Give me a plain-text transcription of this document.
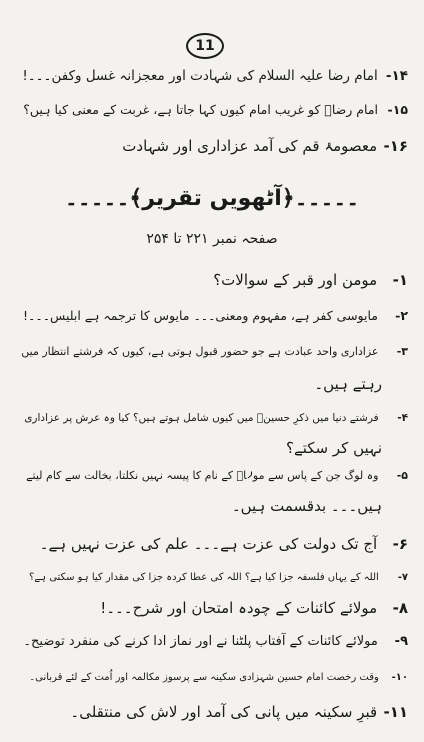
11
۱۴- امام رضا علیہ السلام کی شہادت اور معجزانہ غسل وکفن۔۔۔!
۱۵- امام رضاؑ کو غریب امام کیوں کہا جاتا ہے، غربت کے معنی کیا ہیں؟
۱۶- معصومۂ قم کی آمد عزاداری اور شہادت
۔۔۔۔۔﴿آٹھویں تقریر﴾۔۔۔۔۔
صفحہ نمبر ۲۲۱ تا ۲۵۴
۱- مومن اور قبر کے سوالات؟
۲- مایوسی کفر ہے، مفہوم ومعنی۔۔۔ مایوس کا ترجمہ ہے ابلیس۔۔۔!
۳- عزاداری واحد عبادت ہے جو حضور قبول ہوتی ہے، کیوں کہ فرشتے انتظار میں
رہتے ہیں۔
۴- فرشتے دنیا میں ذکرِ حسینؑ میں کیوں شامل ہوتے ہیں؟ کیا وہ عرش پر عزاداری
نہیں کر سکتے؟
۵- وہ لوگ جن کے پاس سے مولاؑ کے نام کا پیسہ نہیں نکلتا، بخالت سے کام لیتے
ہیں۔۔۔ بدقسمت ہیں۔
۶- آج تک دولت کی عزت ہے۔۔۔ علم کی عزت نہیں ہے۔
۷- اللہ کے یہاں فلسفہ جزا کیا ہے؟ اللہ کی عطا کردہ جزا کی مقدار کیا ہو سکتی ہے؟
۸- مولائے کائنات کے چودہ امتحان اور شرح۔۔۔!
۹- مولائے کائنات کے آفتاب پلٹنا نے اور نماز ادا کرنے کی منفرد توضیح۔
۱۰- وقت رخصت امام حسین شہزادی سکینہ سے پرسوز مکالمہ اور اُمت کے لئے قربانی۔
۱۱- قبرِ سکینہ میں پانی کی آمد اور لاش کی منتقلی۔
